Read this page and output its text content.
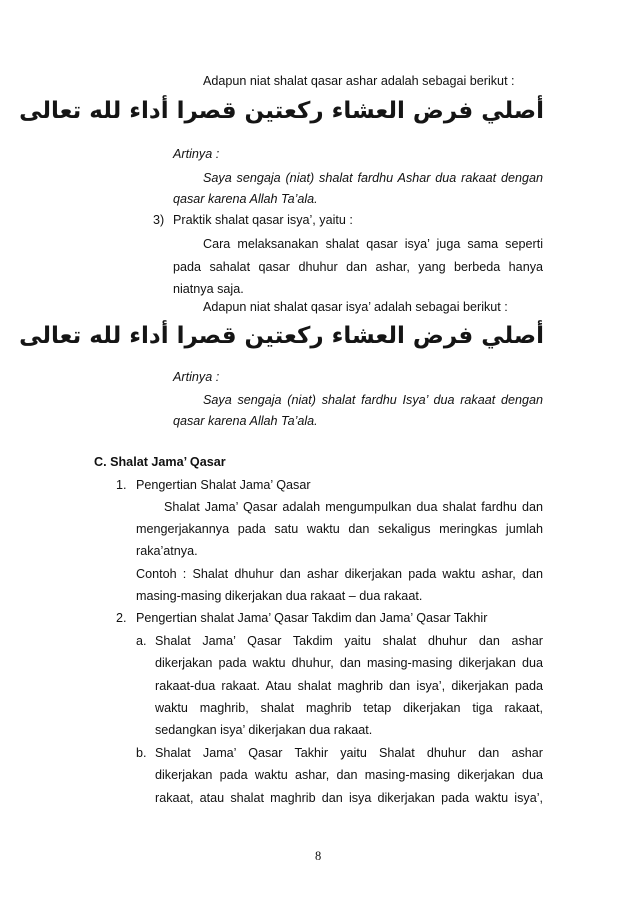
Adapun niat shalat qasar ashar adalah sebagai berikut :
أصلي فرض العشاء ركعتين قصرا أداء لله تعالى
Artinya :
Saya sengaja (niat) shalat fardhu Ashar dua rakaat dengan
qasar karena Allah Ta’ala.
3) Praktik shalat qasar isya’, yaitu :
Cara melaksanakan shalat qasar isya’ juga sama seperti
pada sahalat qasar dhuhur dan ashar, yang berbeda hanya
niatnya saja.
Adapun niat shalat qasar isya’ adalah sebagai berikut :
أصلي فرض العشاء ركعتين قصرا أداء لله تعالى
Artinya :
Saya sengaja (niat) shalat fardhu Isya’ dua rakaat dengan
qasar karena Allah Ta’ala.
C. Shalat Jama’ Qasar
1. Pengertian Shalat Jama’ Qasar
Shalat Jama’ Qasar adalah mengumpulkan dua shalat fardhu dan
mengerjakannya pada satu waktu dan sekaligus meringkas jumlah
raka’atnya.
Contoh : Shalat dhuhur dan ashar dikerjakan pada waktu ashar, dan
masing-masing dikerjakan dua rakaat – dua rakaat.
2. Pengertian shalat Jama’ Qasar Takdim dan Jama’ Qasar Takhir
a. Shalat Jama’ Qasar Takdim yaitu shalat dhuhur dan ashar
dikerjakan pada waktu dhuhur, dan masing-masing dikerjakan dua
rakaat-dua rakaat. Atau shalat maghrib dan isya’, dikerjakan pada
waktu maghrib, shalat maghrib tetap dikerjakan tiga rakaat,
sedangkan isya’ dikerjakan dua rakaat.
b. Shalat Jama’ Qasar Takhir yaitu Shalat dhuhur dan ashar
dikerjakan pada waktu ashar, dan masing-masing dikerjakan dua
rakaat, atau shalat maghrib dan isya dikerjakan pada waktu isya’,
8
